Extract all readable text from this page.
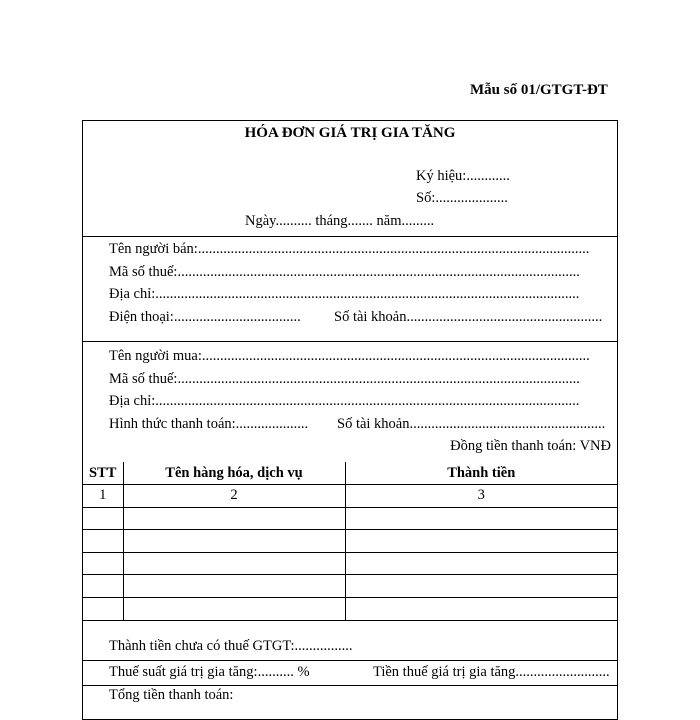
Mẫu số 01/GTGT-ĐT
HÓA ĐƠN GIÁ TRỊ GIA TĂNG
Ký hiệu:............
Số:....................
Ngày.......... tháng....... năm.........
Tên người bán:............................................................................................................
Mã số thuế:...............................................................................................................
Địa chỉ:.....................................................................................................................
Điện thoại:................................... Số tài khoản......................................................
Tên người mua:...........................................................................................................
Mã số thuế:...............................................................................................................
Địa chỉ:.....................................................................................................................
Hình thức thanh toán:.................... Số tài khoản......................................................
Đồng tiền thanh toán: VNĐ
STT	Tên hàng hóa, dịch vụ	Thành tiền
1	2	3

Thành tiền chưa có thuế GTGT:................
Thuế suất giá trị gia tăng:.......... %	Tiền thuế giá trị gia tăng..........................
Tổng tiền thanh toán:
